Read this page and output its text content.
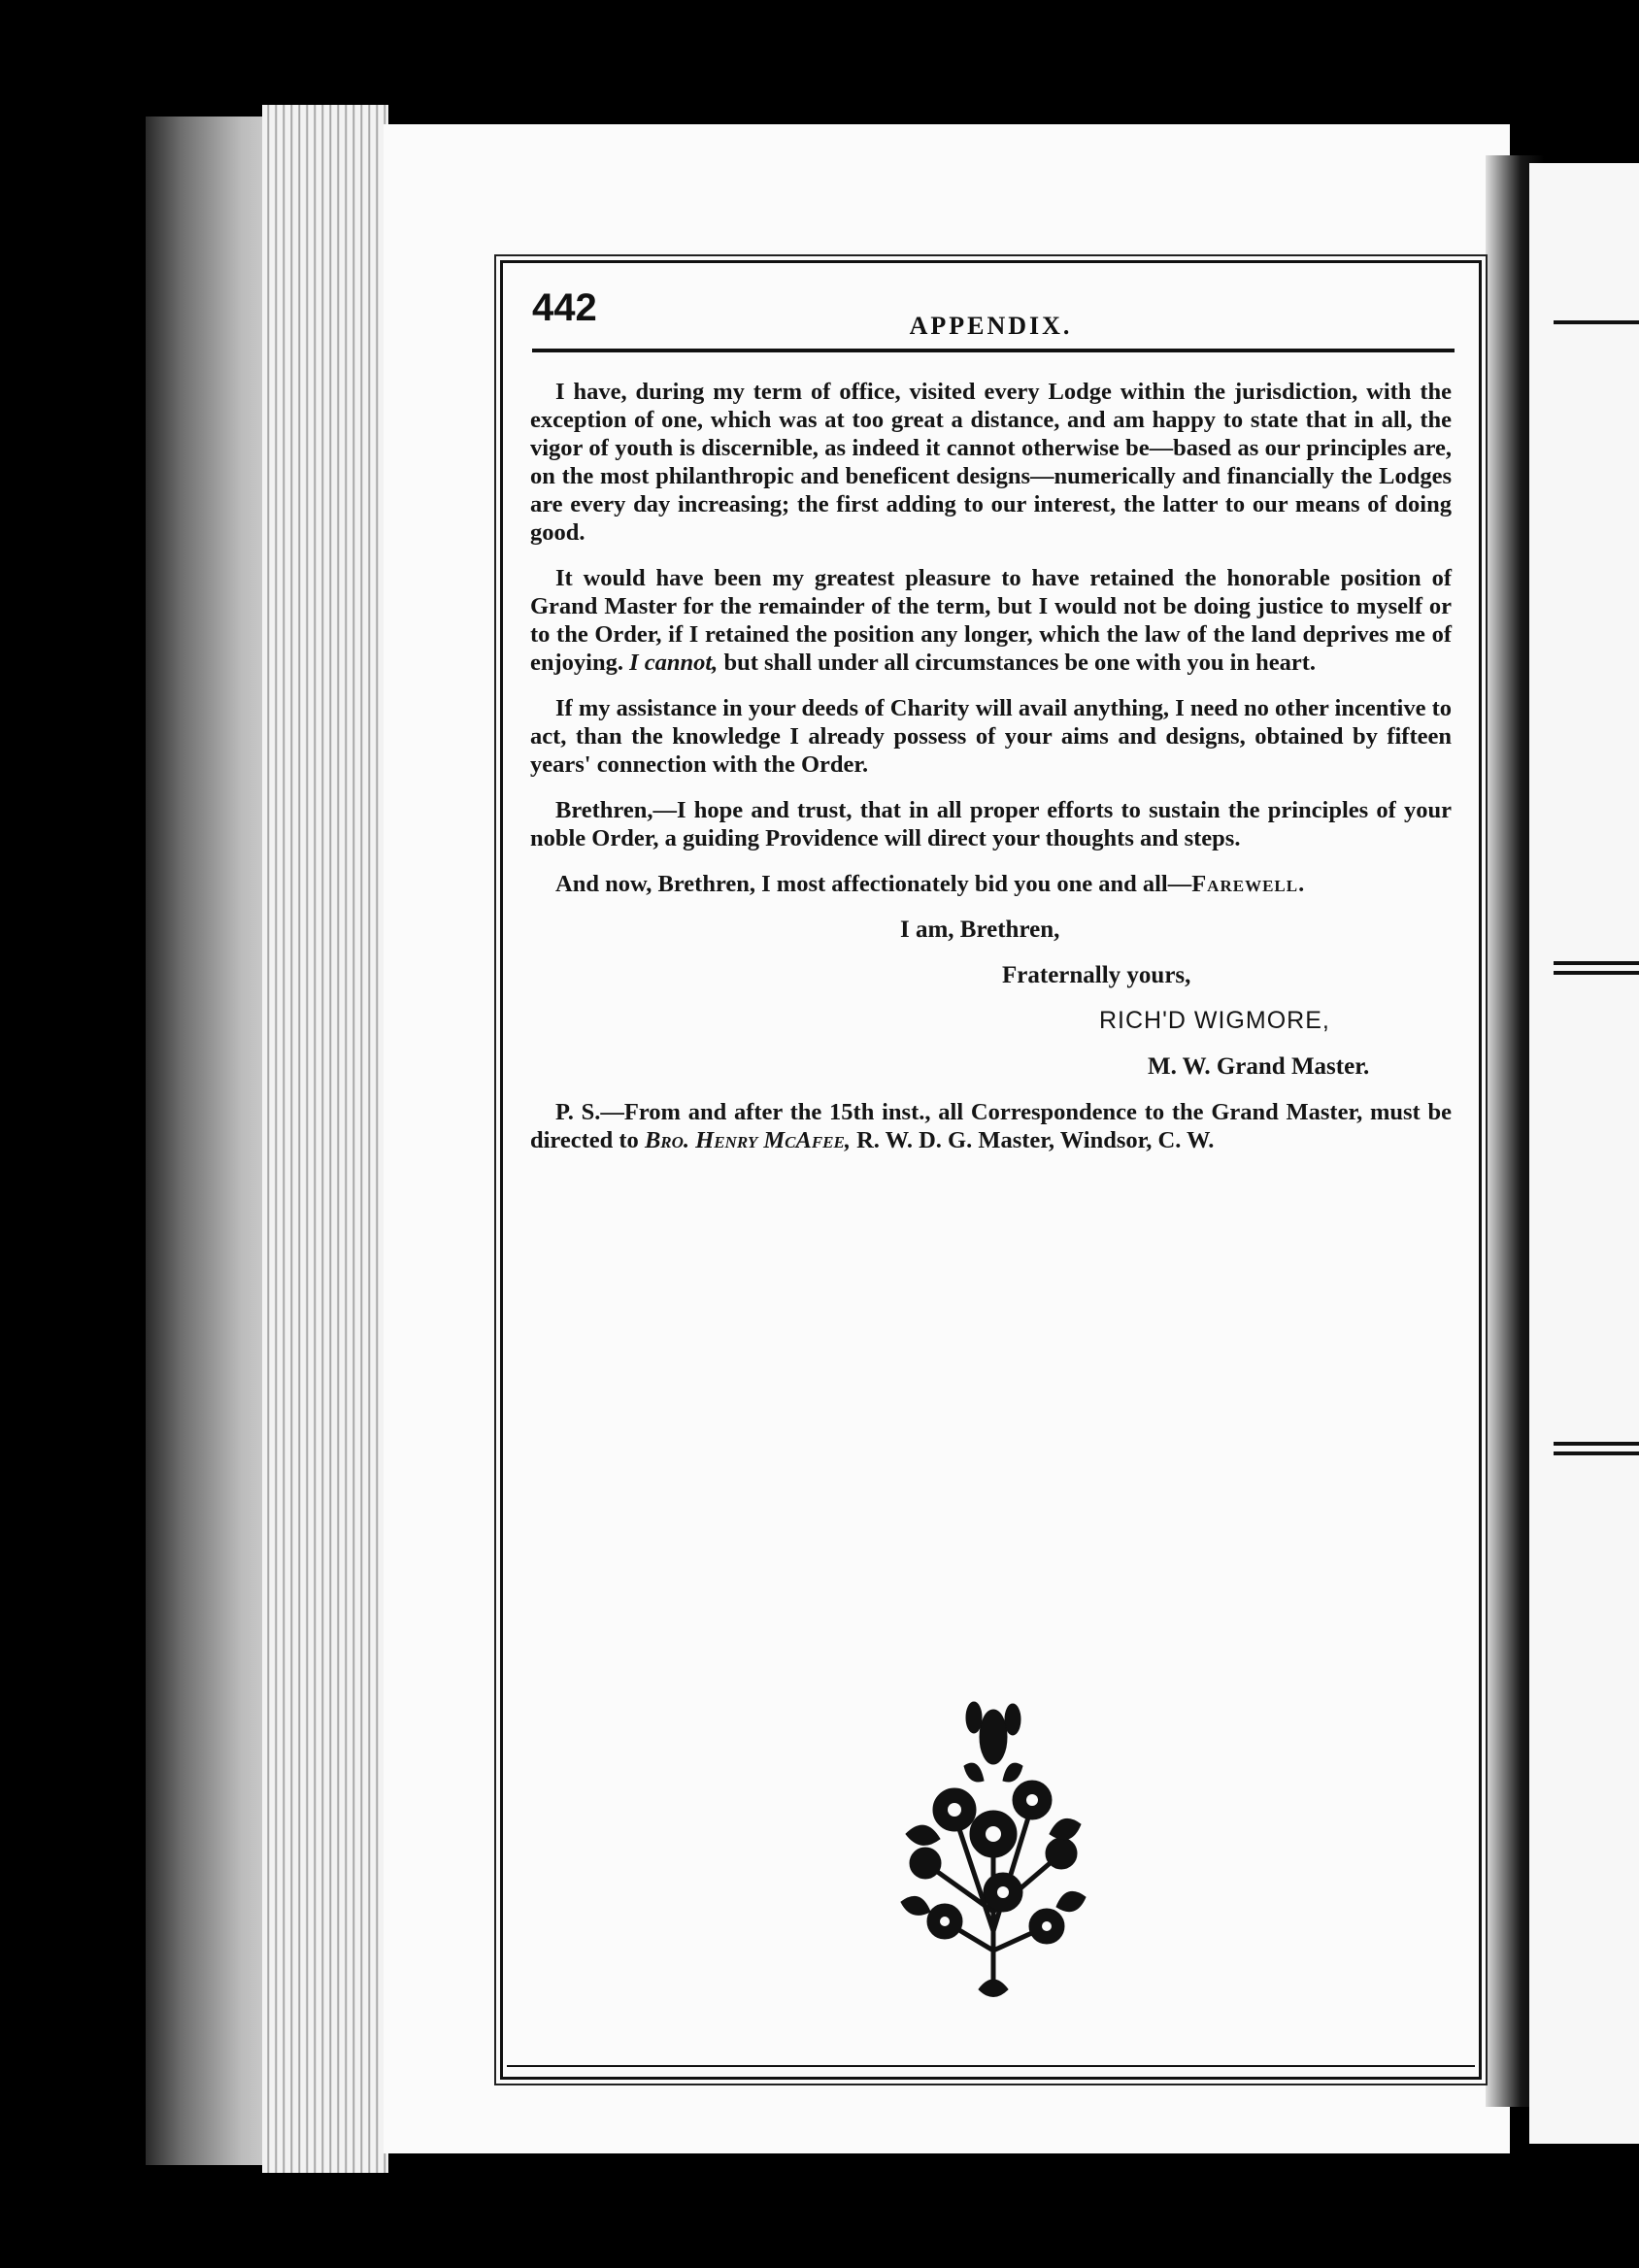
442	APPENDIX.

I have, during my term of office, visited every Lodge within the jurisdiction, with the exception of one, which was at too great a distance, and am happy to state that in all, the vigor of youth is discernible, as indeed it cannot otherwise be—based as our principles are, on the most philanthropic and beneficent designs—numerically and financially the Lodges are every day increasing; the first adding to our interest, the latter to our means of doing good.

It would have been my greatest pleasure to have retained the honorable position of Grand Master for the remainder of the term, but I would not be doing justice to myself or to the Order, if I retained the position any longer, which the law of the land deprives me of enjoying. I cannot, but shall under all circumstances be one with you in heart.

If my assistance in your deeds of Charity will avail anything, I need no other incentive to act, than the knowledge I already possess of your aims and designs, obtained by fifteen years' connection with the Order.

Brethren,—I hope and trust, that in all proper efforts to sustain the principles of your noble Order, a guiding Providence will direct your thoughts and steps.

And now, Brethren, I most affectionately bid you one and all—Farewell.

I am, Brethren,

Fraternally yours,

RICH'D WIGMORE,

M. W. Grand Master.

P. S.—From and after the 15th inst., all Correspondence to the Grand Master, must be directed to Bro. Henry McAfee, R. W. D. G. Master, Windsor, C. W.
